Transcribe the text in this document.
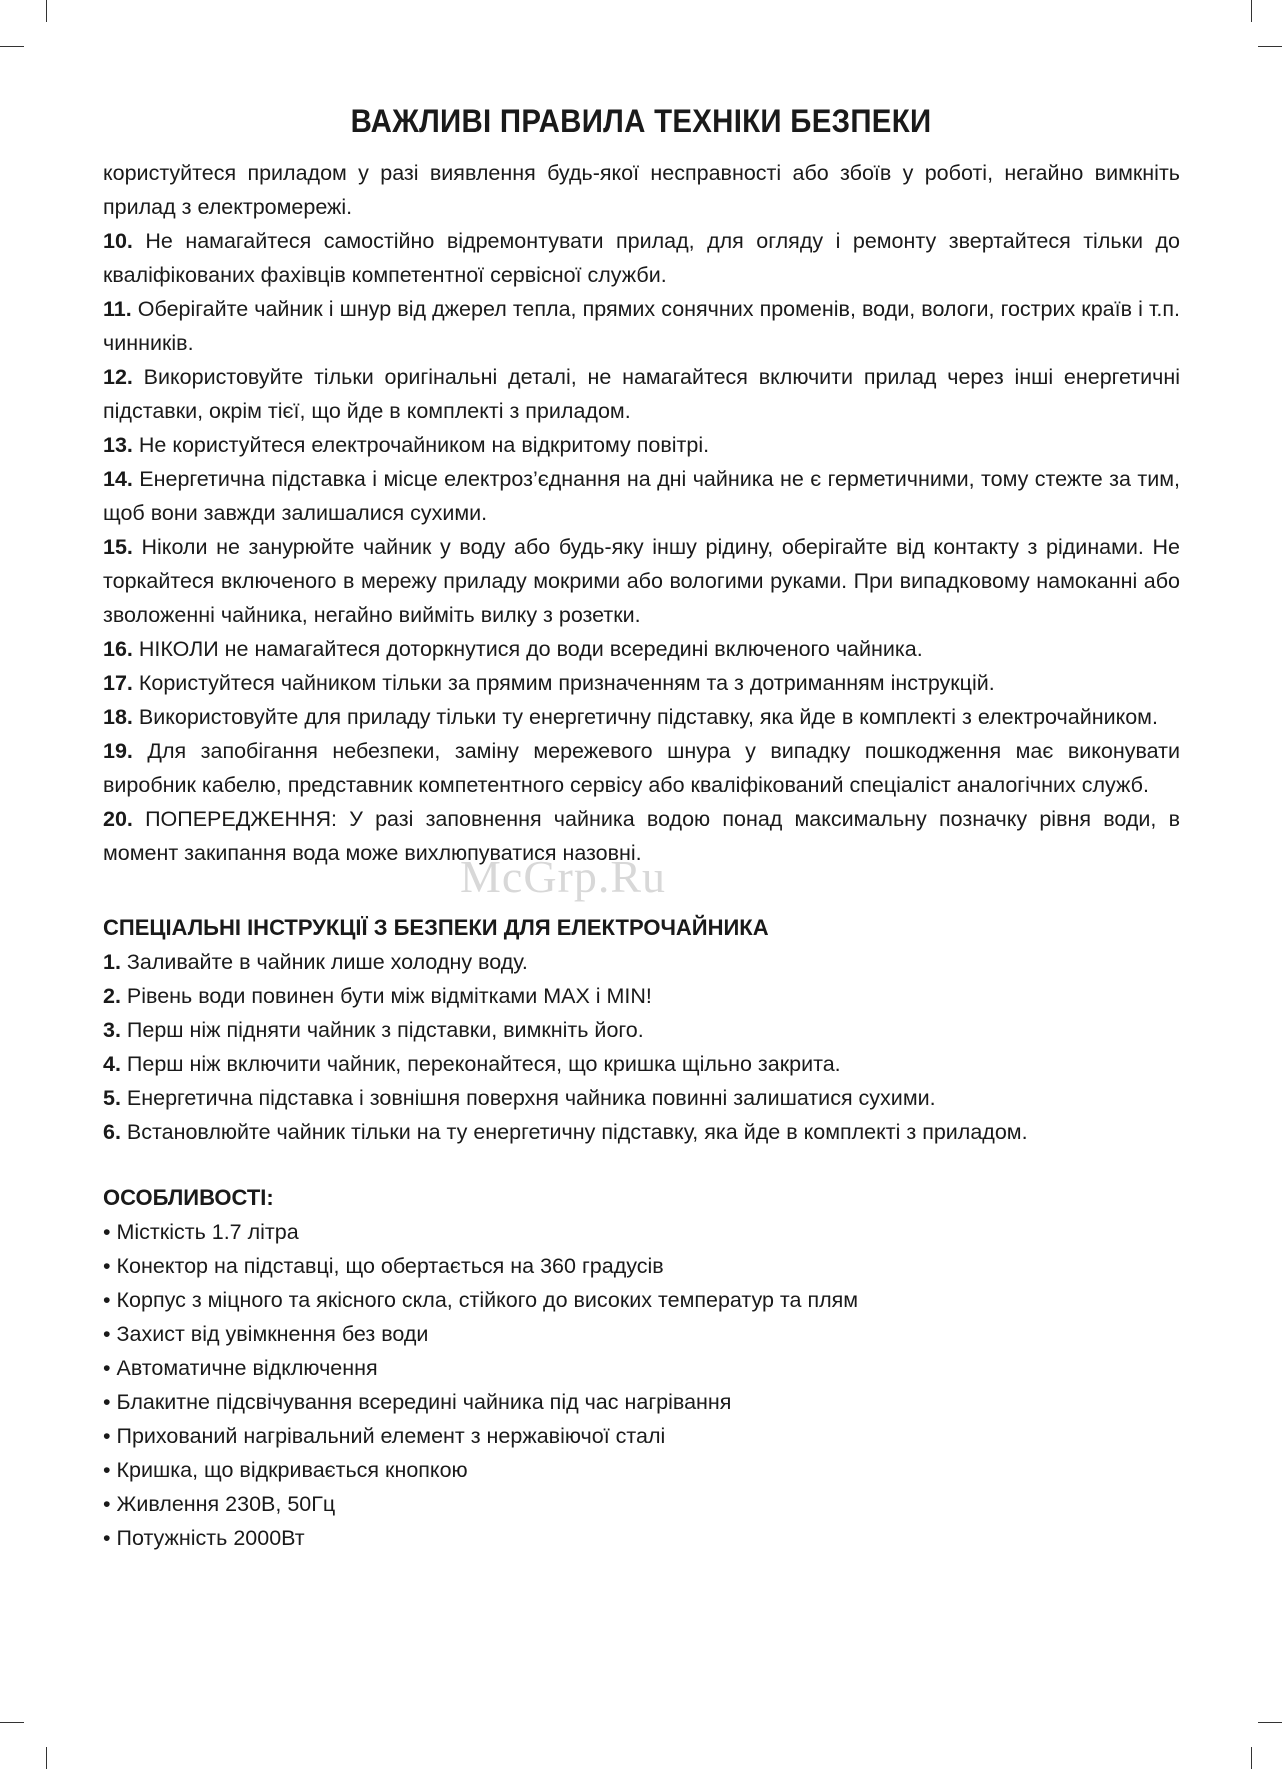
ВАЖЛИВІ ПРАВИЛА ТЕХНІКИ БЕЗПЕКИ
McGrp.Ru

користуйтеся приладом у разі виявлення будь-якої несправності або збоїв у роботі, негайно вимкніть прилад з електромережі.

10. Не намагайтеся самостійно відремонтувати прилад, для огляду і ремонту звертайтеся тільки до кваліфікованих фахівців компетентної сервісної служби.

11. Оберігайте чайник і шнур від джерел тепла, прямих сонячних променів, води, вологи, гострих країв і т.п. чинників.

12. Використовуйте тільки оригінальні деталі, не намагайтеся включити прилад через інші енергетичні підставки, окрім тієї, що йде в комплекті з приладом.

13. Не користуйтеся електрочайником на відкритому повітрі.

14. Енергетична підставка і місце електроз’єднання на дні чайника не є герметичними, тому стежте за тим, щоб вони завжди залишалися сухими.

15. Ніколи не занурюйте чайник у воду або будь-яку іншу рідину, оберігайте від контакту з рідинами. Не торкайтеся включеного в мережу приладу мокрими або вологими руками. При випадковому намоканні або зволоженні чайника, негайно вийміть вилку з розетки.

16. НІКОЛИ не намагайтеся доторкнутися до води всередині включеного чайника.

17. Користуйтеся чайником тільки за прямим призначенням та з дотриманням інструкцій.

18. Використовуйте для приладу тільки ту енергетичну підставку, яка йде в комплекті з електрочайником.

19. Для запобігання небезпеки, заміну мережевого шнура у випадку пошкодження має виконувати виробник кабелю, представник компетентного сервісу або кваліфікований спеціаліст аналогічних служб.

20. ПОПЕРЕДЖЕННЯ: У разі заповнення чайника водою понад максимальну позначку рівня води, в момент закипання вода може вихлюпуватися назовні.

СПЕЦІАЛЬНІ ІНСТРУКЦІЇ З БЕЗПЕКИ ДЛЯ ЕЛЕКТРОЧАЙНИКА

1. Заливайте в чайник лише холодну воду.

2. Рівень води повинен бути між відмітками MAX і MIN!

3. Перш ніж підняти чайник з підставки, вимкніть його.

4. Перш ніж включити чайник, переконайтеся, що кришка щільно закрита.

5. Енергетична підставка і зовнішня поверхня чайника повинні залишатися сухими.

6. Встановлюйте чайник тільки на ту енергетичну підставку, яка йде в комплекті з приладом.

ОСОБЛИВОСТІ:

• Місткість 1.7 літра

• Конектор на підставці, що обертається на 360 градусів

• Корпус з міцного та якісного скла, стійкого до високих температур та плям

• Захист від увімкнення без води

• Автоматичне відключення

• Блакитне підсвічування всередині чайника під час нагрівання

• Прихований нагрівальний елемент з нержавіючої сталі

• Кришка, що відкривається кнопкою

• Живлення 230В, 50Гц

• Потужність 2000Вт
